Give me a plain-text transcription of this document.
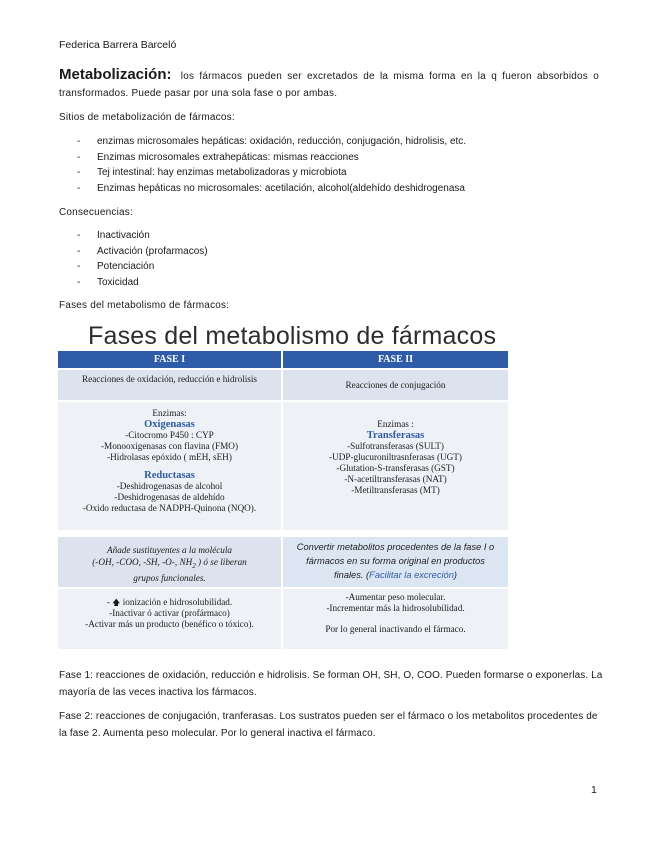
Federica Barrera Barceló
Metabolización: los fármacos pueden ser excretados de la misma forma en la q fueron absorbidos o transformados. Puede pasar por una sola fase o por ambas.
Sitios de metabolización de fármacos:
- enzimas microsomales hepáticas: oxidación, reducción, conjugación, hidrolisis, etc.
- Enzimas microsomales extrahepáticas: mismas reacciones
- Tej intestinal: hay enzimas metabolizadoras y microbiota
- Enzimas hepáticas no microsomales: acetilación, alcohol(aldehído deshidrogenasa
Consecuencias:
- Inactivación
- Activación (profarmacos)
- Potenciación
- Toxicidad
Fases del metabolismo de fármacos:
Fases del metabolismo de fármacos
FASE I
Reacciones de oxidación, reducción e hidrolisis
Enzimas:
Oxigenasas
-Citocromo P450 : CYP
-Monooxigenasas con flavina (FMO)
-Hidrolasas epóxido ( mEH, sEH)
Reductasas
-Deshidrogenasas de alcohol
-Deshidrogenasas de aldehído
-Oxido reductasa de NADPH-Quinona (NQO).
Añade sustituyentes a la molécula
(-OH, -COO, -SH, -O-, $NH_2$ ) ó se liberan
grupos funcionales.
- 🡅 ionización e hidrosolubilidad.
-Inactivar ó activar (profármaco)
-Activar más un producto (benéfico o tóxico).
FASE II
Reacciones de conjugación
Enzimas :
Transferasas
-Sulfotransferasas (SULT)
-UDP-glucuroniltrasnferasas (UGT)
-Glutation-S-transferasas (GST)
-N-acetiltransferasas (NAT)
-Metiltransferasas (MT)
Convertir metabolitos procedentes de la fase I o fármacos en su forma original en productos finales. (Facilitar la excreción)
-Aumentar peso molecular.
-Incrementar más la hidrosolubilidad.
Por lo general inactivando el fármaco.
Fase 1: reacciones de oxidación, reducción e hidrolisis. Se forman OH, SH, O, COO. Pueden formarse o exponerlas. La mayoría de las veces inactiva los fármacos.
Fase 2: reacciones de conjugación, tranferasas. Los sustratos pueden ser el fármaco o los metabolitos procedentes de la fase 2. Aumenta peso molecular. Por lo general inactiva el fármaco.
1
